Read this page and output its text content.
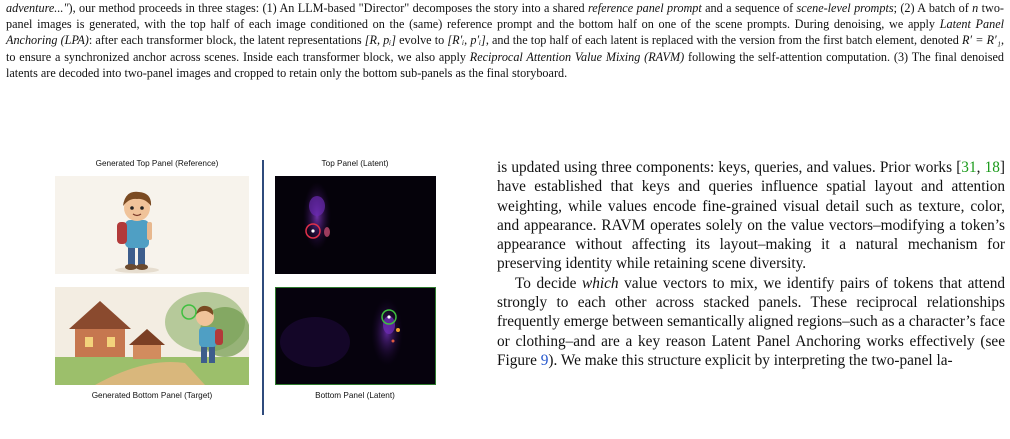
adventure..."), our method proceeds in three stages: (1) An LLM-based "Director" decomposes the story into a shared reference panel prompt and a sequence of scene-level prompts; (2) A batch of n two-panel images is generated, with the top half of each image conditioned on the (same) reference prompt and the bottom half on one of the scene prompts. During denoising, we apply Latent Panel Anchoring (LPA): after each transformer block, the latent representations [R, pᵢ] evolve to [R′ᵢ, p′ᵢ], and the top half of each latent is replaced with the version from the first batch element, denoted R′ = R′₁, to ensure a synchronized anchor across scenes. Inside each transformer block, we also apply Reciprocal Attention Value Mixing (RAVM) following the self-attention computation. (3) The final denoised latents are decoded into two-panel images and cropped to retain only the bottom sub-panels as the final storyboard.

Generated Top Panel (Reference)	Top Panel (Latent)
Generated Bottom Panel (Target)	Bottom Panel (Latent)

is updated using three components: keys, queries, and values. Prior works [31, 18] have established that keys and queries influence spatial layout and attention weighting, while values encode fine-grained visual detail such as texture, color, and appearance. RAVM operates solely on the value vectors–modifying a token’s appearance without affecting its layout–making it a natural mechanism for preserving identity while retaining scene diversity.

To decide which value vectors to mix, we identify pairs of tokens that attend strongly to each other across stacked panels. These reciprocal relationships frequently emerge between semantically aligned regions–such as a character’s face or clothing–and are a key reason Latent Panel Anchoring works effectively (see Figure 9). We make this structure explicit by interpreting the two-panel la-
